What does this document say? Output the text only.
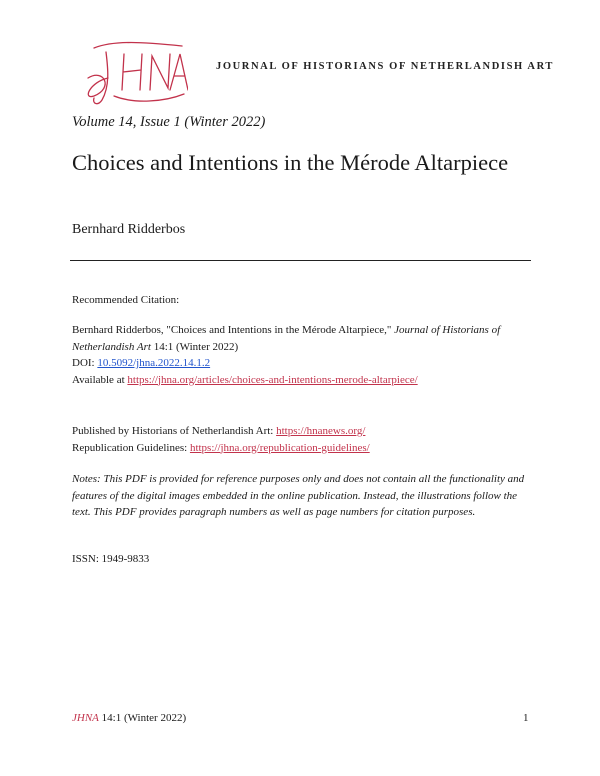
JHNA
JOURNAL OF HISTORIANS OF NETHERLANDISH ART
Volume 14, Issue 1 (Winter 2022)
Choices and Intentions in the Mérode Altarpiece
Bernhard Ridderbos
Recommended Citation:

Bernhard Ridderbos, "Choices and Intentions in the Mérode Altarpiece," Journal of Historians of Netherlandish Art 14:1 (Winter 2022)

DOI: 10.5092/jhna.2022.14.1.2

Available at https://jhna.org/articles/choices-and-intentions-merode-altarpiece/

Published by Historians of Netherlandish Art: https://hnanews.org/

Republication Guidelines: https://jhna.org/republication-guidelines/

Notes: This PDF is provided for reference purposes only and does not contain all the functionality and features of the digital images embedded in the online publication. Instead, the illustrations follow the text. This PDF provides paragraph numbers as well as page numbers for citation purposes.
ISSN: 1949-9833
JHNA 14:1 (Winter 2022)	1
